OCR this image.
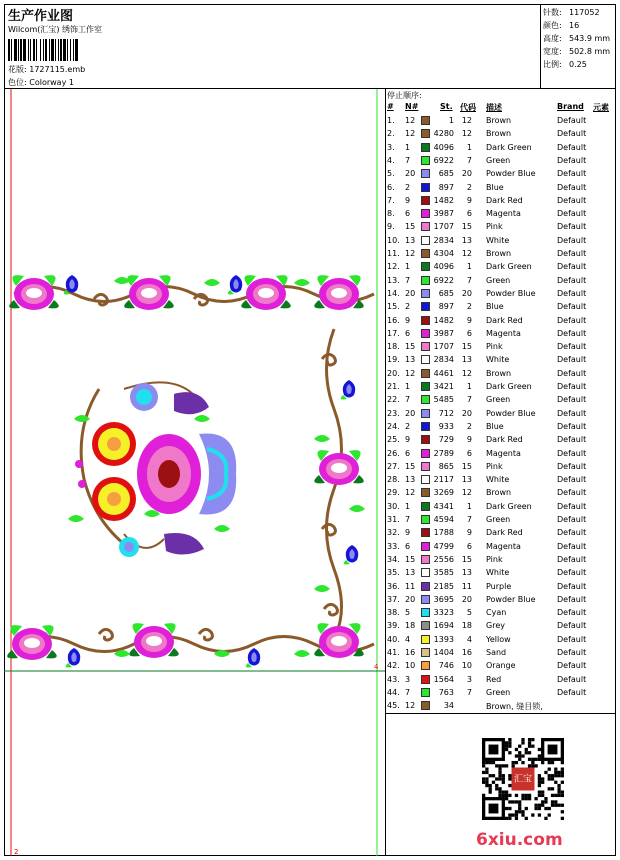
生产作业图
Wilcom(汇宝) 绣饰工作室
花版: 1727115.emb
色位: Colorway 1
针数: 117052
颜色: 16
高度: 543.9 mm
宽度: 502.8 mm
比例: 0.25
4
2
停止顺序:
# N#	St. 代码 描述	Brand 元素
1. 12	1 12 Brown	Default
2. 12	4280 12 Brown	Default
3. 1	4096	1 Dark Green	Default
4. 7	6922	7 Green	Default
5. 20	685 20 Powder Blue	Default
6. 2	897	2 Blue	Default
7. 9	1482	9 Dark Red	Default
8. 6	3987	6 Magenta	Default
9. 15	1707 15 Pink	Default
10. 13	2834 13 White	Default
11. 12	4304 12 Brown	Default
12. 1	4096	1 Dark Green	Default
13. 7	6922	7 Green	Default
14. 20	685 20 Powder Blue	Default
15. 2	897	2 Blue	Default
16. 9	1482	9 Dark Red	Default
17. 6	3987	6 Magenta	Default
18. 15	1707 15 Pink	Default
19. 13	2834 13 White	Default
20. 12	4461 12 Brown	Default
21. 1	3421	1 Dark Green	Default
22. 7	5485	7 Green	Default
23. 20	712 20 Powder Blue	Default
24. 2	933	2 Blue	Default
25. 9	729	9 Dark Red	Default
26. 6	2789	6 Magenta	Default
27. 15	865 15 Pink	Default
28. 13	2117 13 White	Default
29. 12	3269 12 Brown	Default
30. 1	4341	1 Dark Green	Default
31. 7	4594	7 Green	Default
32. 9	1788	9 Dark Red	Default
33. 6	4799	6 Magenta	Default
34. 15	2556 15 Pink	Default
35. 13	3585 13 White	Default
36. 11	2185 11 Purple	Default
37. 20	3695 20 Powder Blue	Default
38. 5	3323	5 Cyan	Default
39. 18	1694 18 Grey	Default
40. 4	1393	4 Yellow	Default
41. 16	1404 16 Sand	Default
42. 10	746 10 Orange	Default
43. 3	1564	3 Red	Default
44. 7	763	7 Green	Default
45. 12	34	Brown, 缝目锁,
汇宝
6xiu.com
